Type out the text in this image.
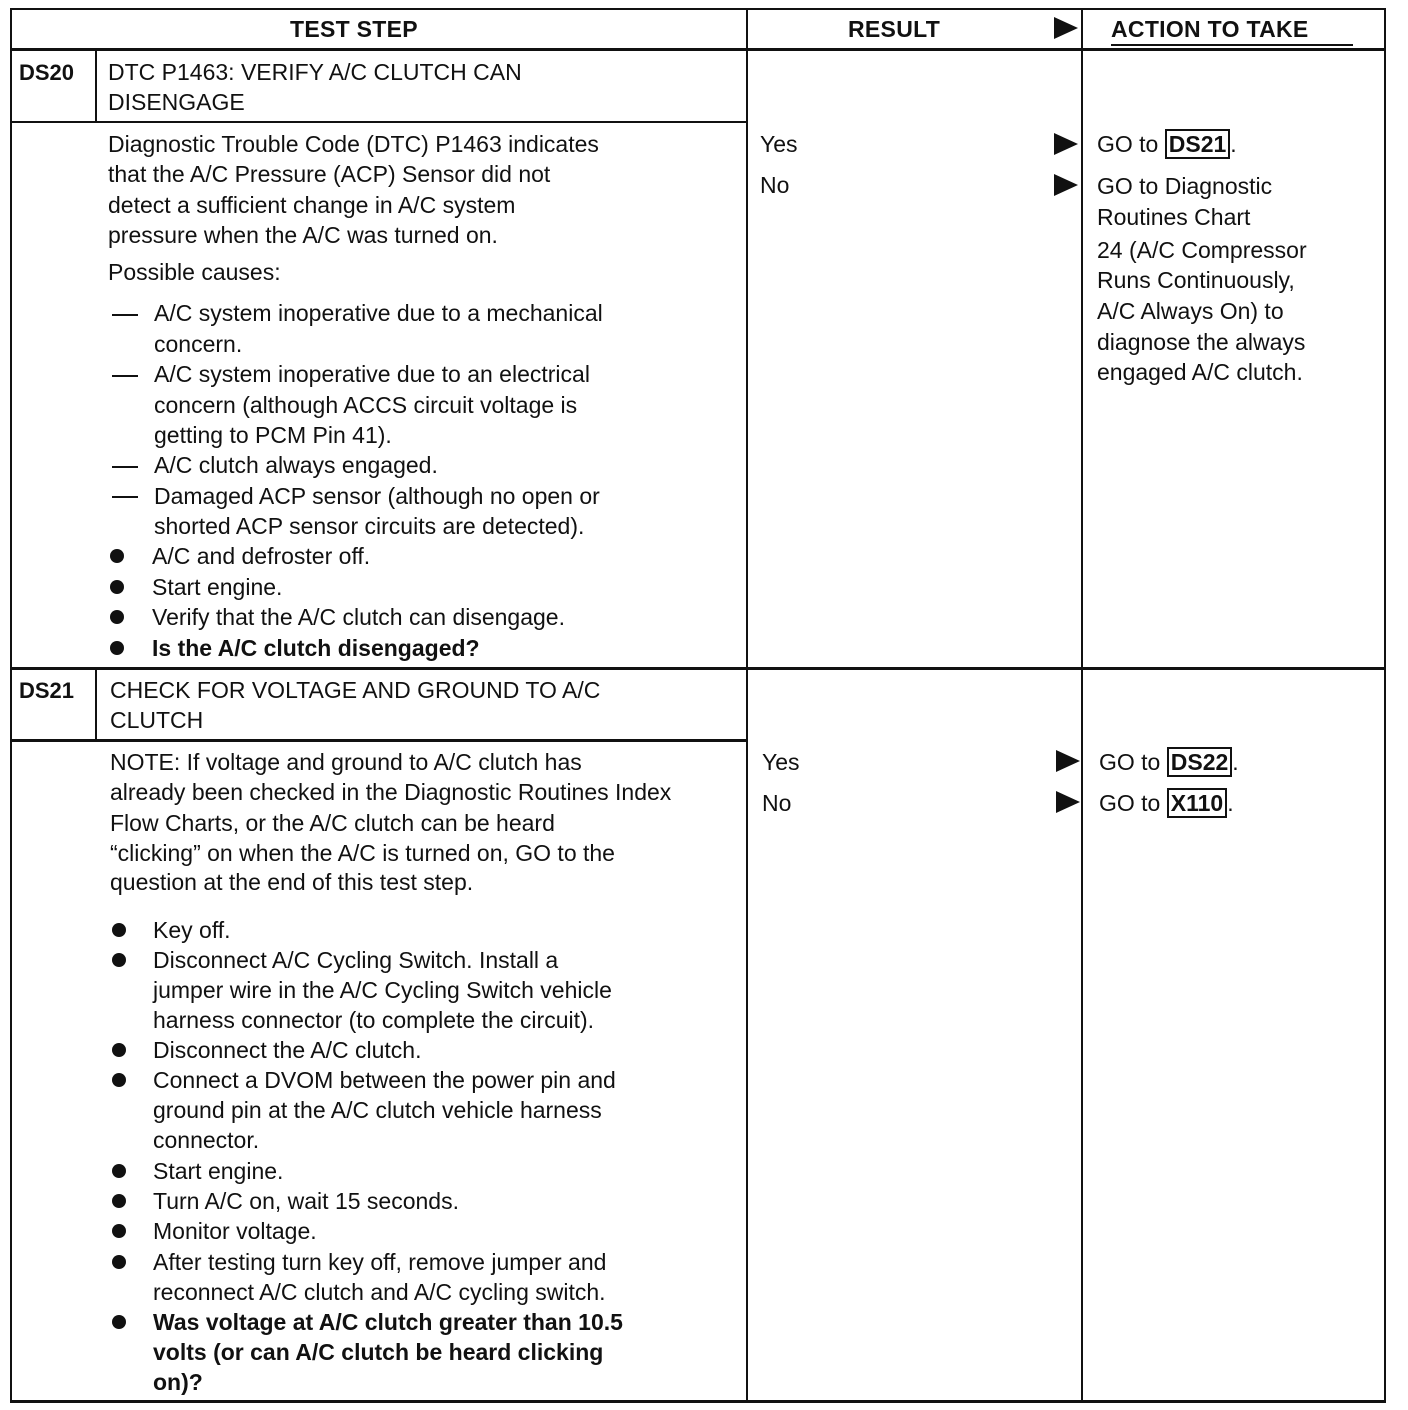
TEST STEP	RESULT	ACTION TO TAKE
DS20 DTC P1463: VERIFY A/C CLUTCH CAN
DISENGAGE
Diagnostic Trouble Code (DTC) P1463 indicates
that the A/C Pressure (ACP) Sensor did not
detect a sufficient change in A/C system
pressure when the A/C was turned on.
Possible causes:
A/C system inoperative due to a mechanical
concern.
A/C system inoperative due to an electrical
concern (although ACCS circuit voltage is
getting to PCM Pin 41).
A/C clutch always engaged.
Damaged ACP sensor (although no open or
shorted ACP sensor circuits are detected).
A/C and defroster off.
Start engine.
Verify that the A/C clutch can disengage.
Is the A/C clutch disengaged?
Yes
No
GO to DS21 .
GO to Diagnostic
Routines Chart
24 (A/C Compressor
Runs Continuously,
A/C Always On) to
diagnose the always
engaged A/C clutch.
DS21 CHECK FOR VOLTAGE AND GROUND TO A/C
CLUTCH
NOTE: If voltage and ground to A/C clutch has
already been checked in the Diagnostic Routines Index
Flow Charts, or the A/C clutch can be heard
“clicking” on when the A/C is turned on, GO to the
question at the end of this test step.
Key off.
Disconnect A/C Cycling Switch. Install a
jumper wire in the A/C Cycling Switch vehicle
harness connector (to complete the circuit).
Disconnect the A/C clutch.
Connect a DVOM between the power pin and
ground pin at the A/C clutch vehicle harness
connector.
Start engine.
Turn A/C on, wait 15 seconds.
Monitor voltage.
After testing turn key off, remove jumper and
reconnect A/C clutch and A/C cycling switch.
Was voltage at A/C clutch greater than 10.5
volts (or can A/C clutch be heard clicking
on)?
Yes
No
GO to DS22 .
GO to X110 .
